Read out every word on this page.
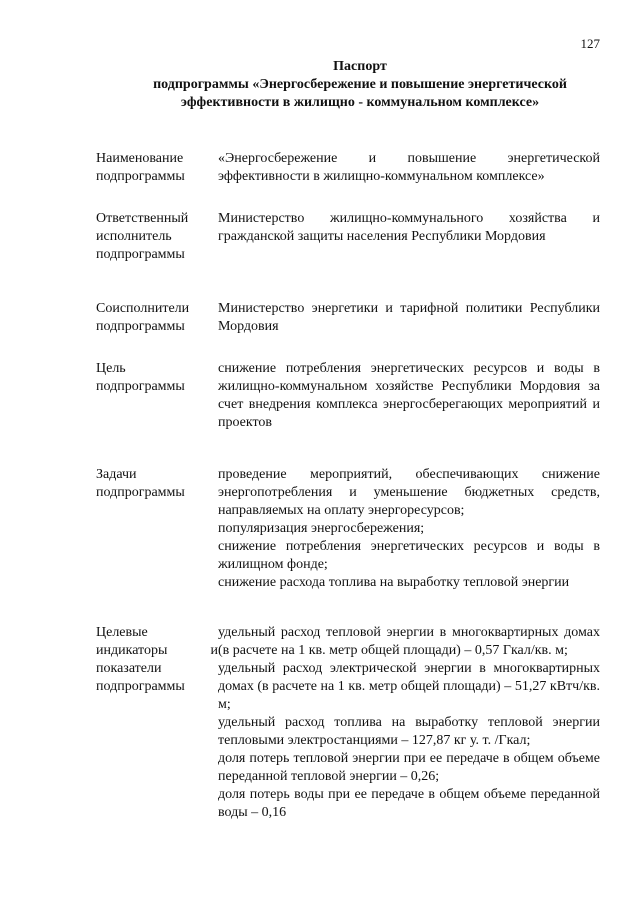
127
Паспорт
подпрограммы «Энергосбережение и повышение энергетической
эффективности в жилищно - коммунальном комплексе»
Наименование
подпрограммы

«Энергосбережение и повышение энергетической эффективности в жилищно-коммунальном комплексе»

Ответственный
исполнитель
подпрограммы

Министерство жилищно-коммунального хозяйства и гражданской защиты населения Республики Мордовия

Соисполнители
подпрограммы

Министерство энергетики и тарифной политики Республики Мордовия

Цель
подпрограммы

снижение потребления энергетических ресурсов и воды в жилищно-коммунальном хозяйстве Республики Мордовия за счет внедрения комплекса энергосберегающих мероприятий и проектов

Задачи
подпрограммы

проведение мероприятий, обеспечивающих снижение энергопотребления и уменьшение бюджетных средств, направляемых на оплату энергоресурсов;

популяризация энергосбережения;

снижение потребления энергетических ресурсов и воды в жилищном фонде;

снижение расхода топлива на выработку тепловой энергии

Целевые
индикаторы	и
показатели
подпрограммы

удельный расход тепловой энергии в многоквартирных домах (в расчете на 1 кв. метр общей площади) – 0,57 Гкал/кв. м;

удельный расход электрической энергии в многоквартирных домах (в расчете на 1 кв. метр общей площади) – 51,27 кВтч/кв. м;

удельный расход топлива на выработку тепловой энергии тепловыми электростанциями – 127,87 кг у. т. /Гкал;

доля потерь тепловой энергии при ее передаче в общем объеме переданной тепловой энергии – 0,26;

доля потерь воды при ее передаче в общем объеме переданной воды – 0,16
